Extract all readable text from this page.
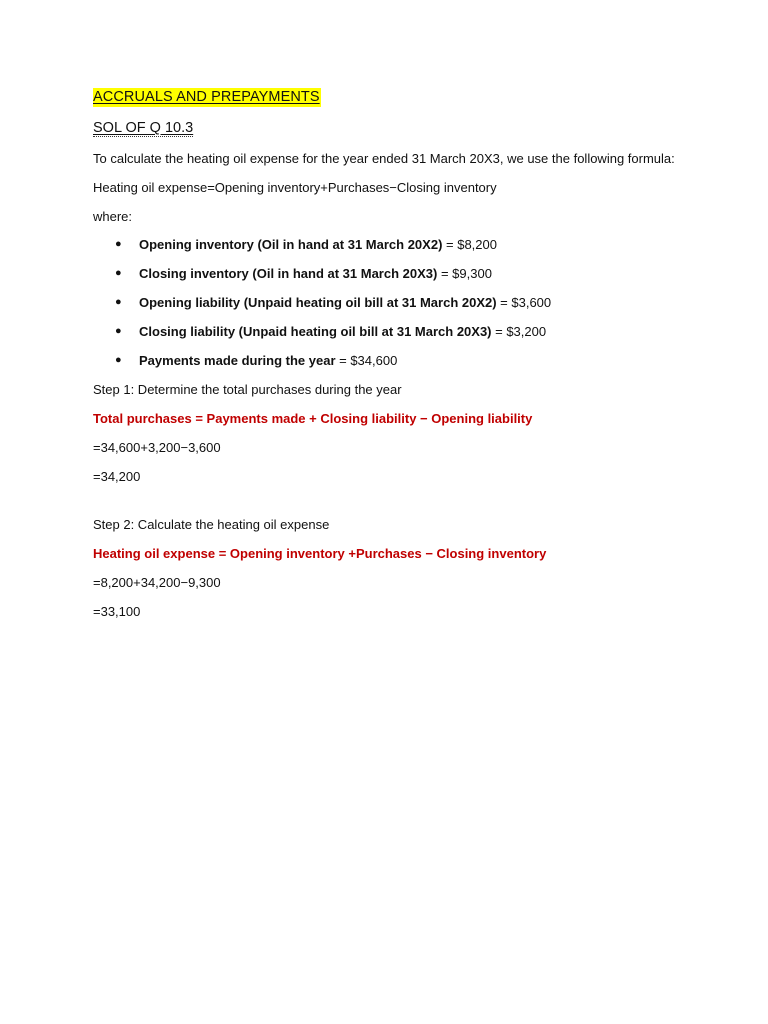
ACCRUALS AND PREPAYMENTS
SOL OF Q 10.3

To calculate the heating oil expense for the year ended 31 March 20X3, we use the following formula:

Heating oil expense=Opening inventory+Purchases−Closing inventory

where:

● Opening inventory (Oil in hand at 31 March 20X2) = $8,200
● Closing inventory (Oil in hand at 31 March 20X3) = $9,300
● Opening liability (Unpaid heating oil bill at 31 March 20X2) = $3,600
● Closing liability (Unpaid heating oil bill at 31 March 20X3) = $3,200
● Payments made during the year = $34,600

Step 1: Determine the total purchases during the year

Total purchases = Payments made + Closing liability − Opening liability

=34,600+3,200−3,600

=34,200

Step 2: Calculate the heating oil expense

Heating oil expense = Opening inventory +Purchases − Closing inventory

=8,200+34,200−9,300

=33,100
